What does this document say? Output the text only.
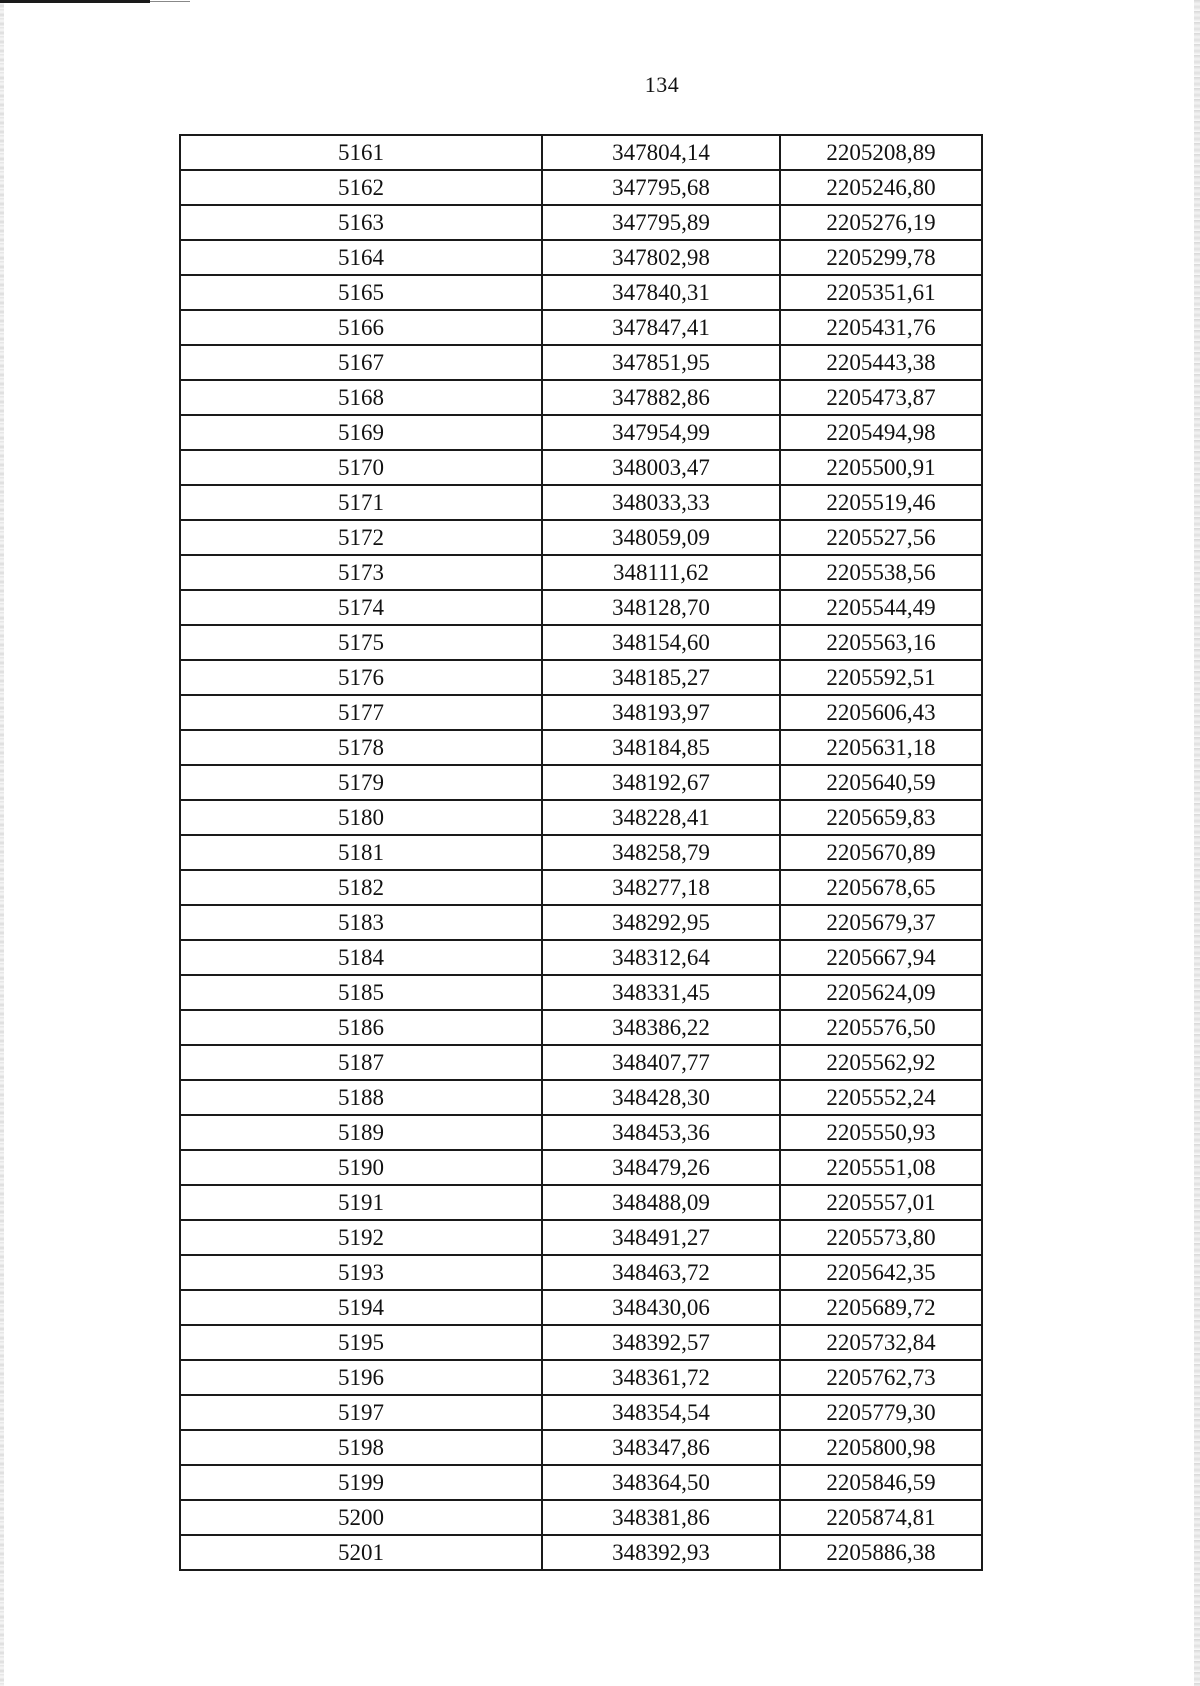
134
5161	347804,14	2205208,89
5162	347795,68	2205246,80
5163	347795,89	2205276,19
5164	347802,98	2205299,78
5165	347840,31	2205351,61
5166	347847,41	2205431,76
5167	347851,95	2205443,38
5168	347882,86	2205473,87
5169	347954,99	2205494,98
5170	348003,47	2205500,91
5171	348033,33	2205519,46
5172	348059,09	2205527,56
5173	348111,62	2205538,56
5174	348128,70	2205544,49
5175	348154,60	2205563,16
5176	348185,27	2205592,51
5177	348193,97	2205606,43
5178	348184,85	2205631,18
5179	348192,67	2205640,59
5180	348228,41	2205659,83
5181	348258,79	2205670,89
5182	348277,18	2205678,65
5183	348292,95	2205679,37
5184	348312,64	2205667,94
5185	348331,45	2205624,09
5186	348386,22	2205576,50
5187	348407,77	2205562,92
5188	348428,30	2205552,24
5189	348453,36	2205550,93
5190	348479,26	2205551,08
5191	348488,09	2205557,01
5192	348491,27	2205573,80
5193	348463,72	2205642,35
5194	348430,06	2205689,72
5195	348392,57	2205732,84
5196	348361,72	2205762,73
5197	348354,54	2205779,30
5198	348347,86	2205800,98
5199	348364,50	2205846,59
5200	348381,86	2205874,81
5201	348392,93	2205886,38
